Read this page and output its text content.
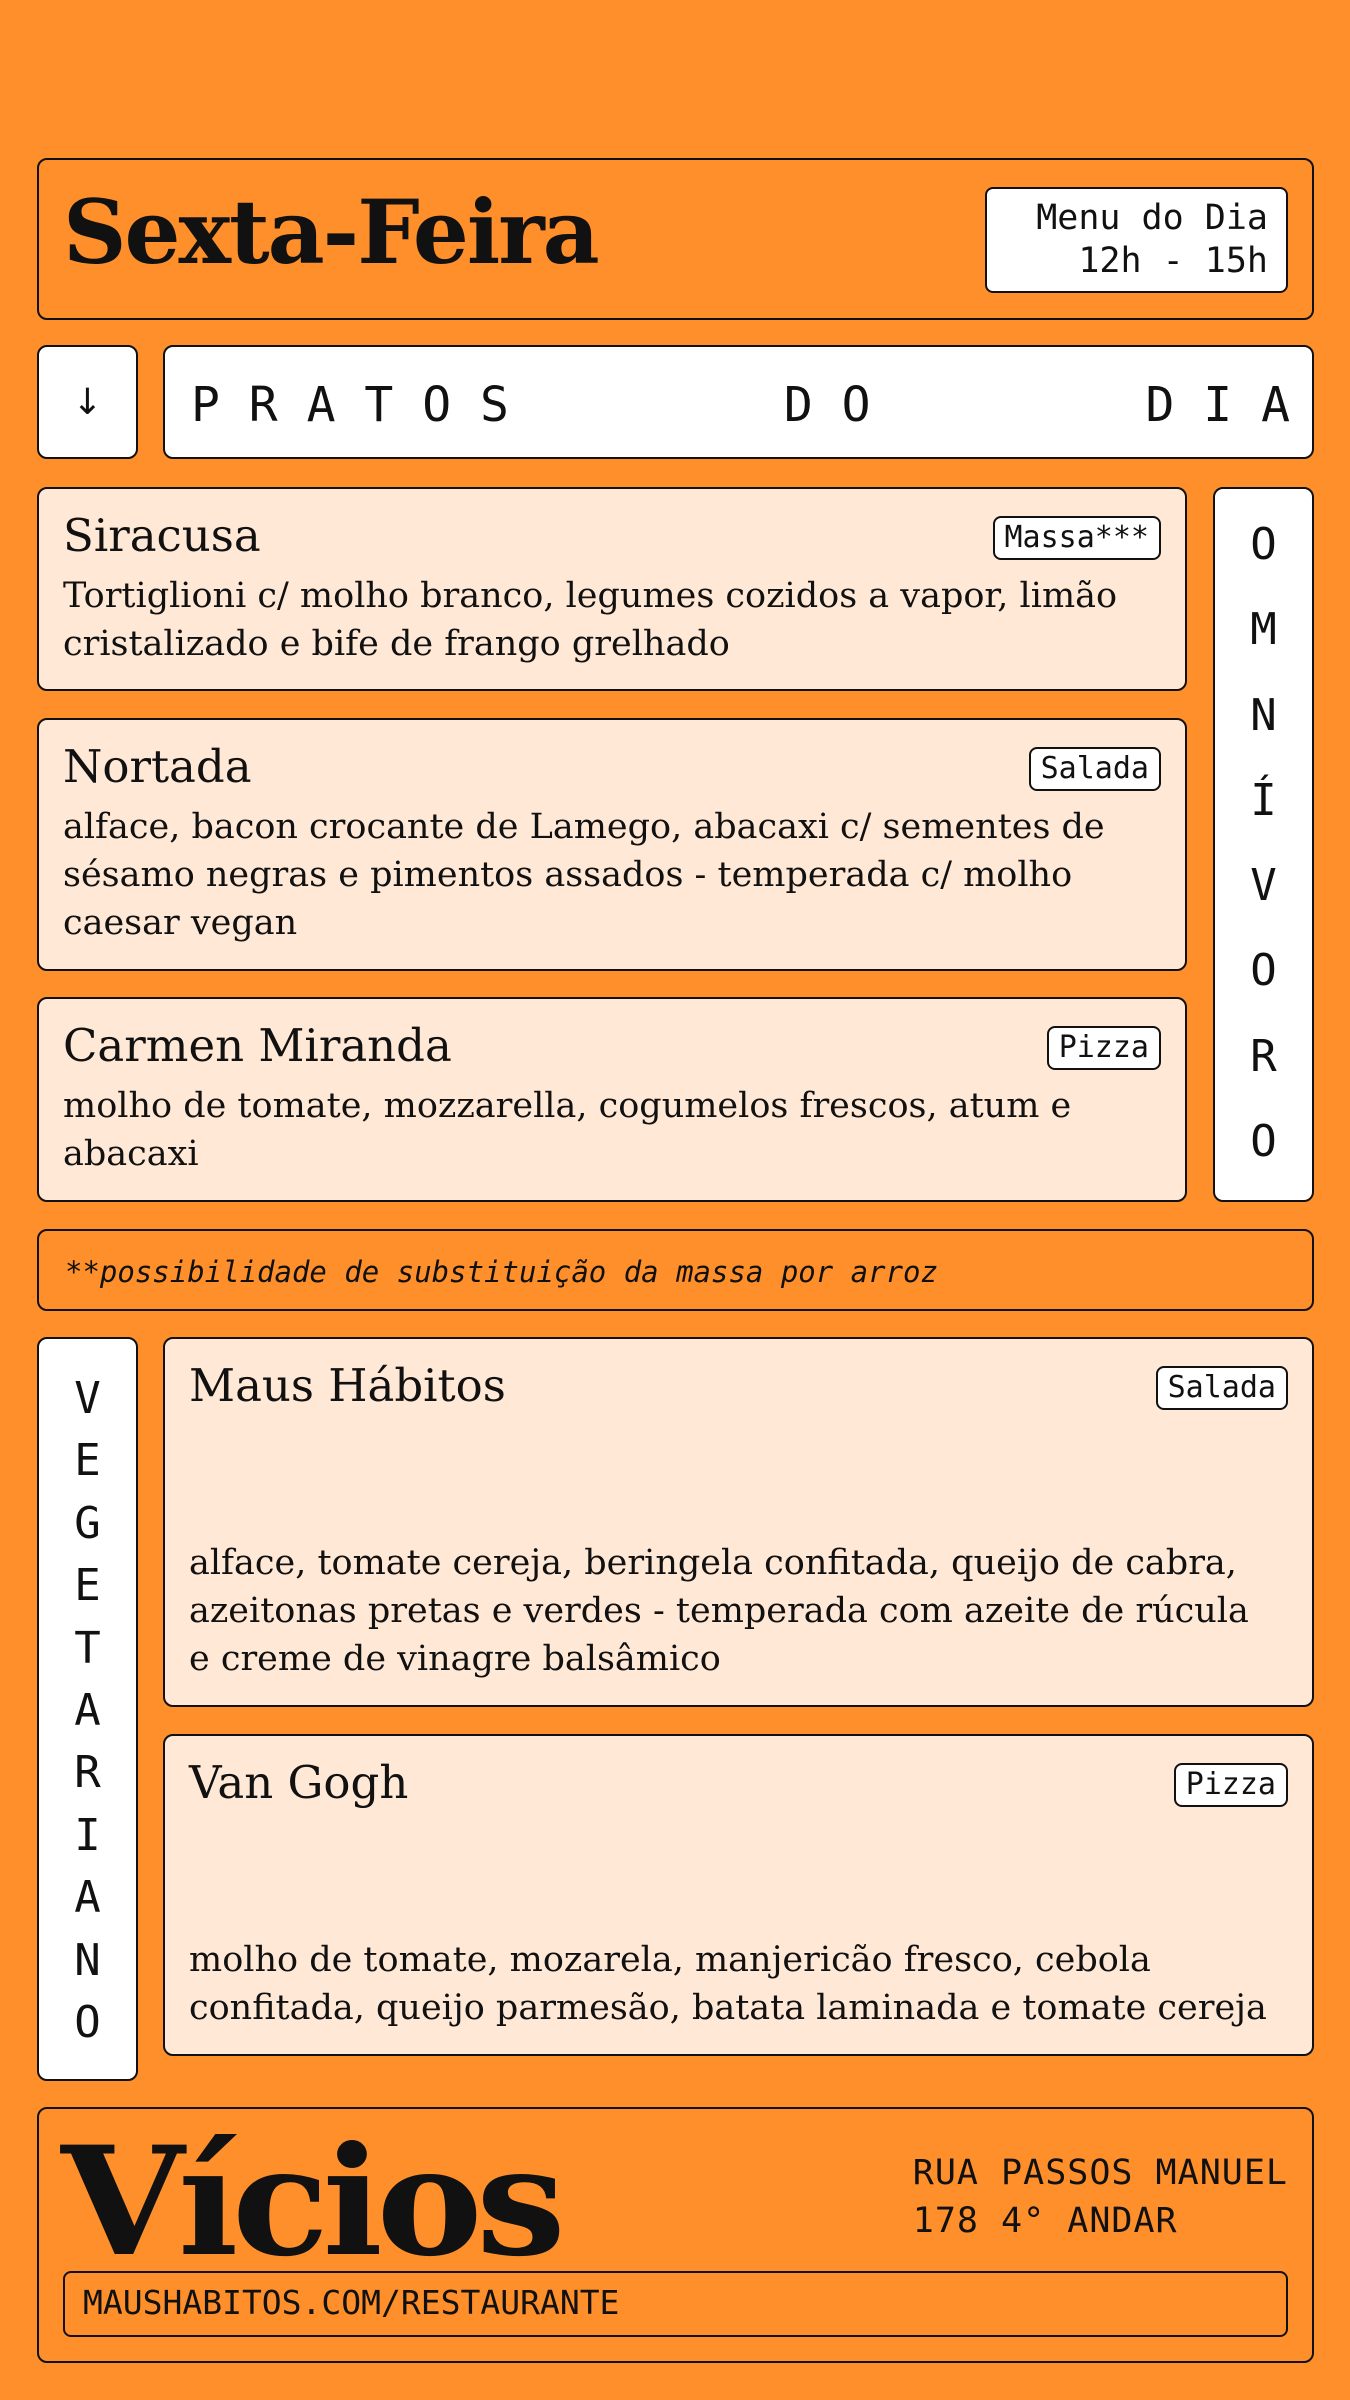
Sexta-Feira	Menu do Dia
12h - 15h
↓	P R A T O S	D O	D I A
Siracusa	Massa***
Tortiglioni c/ molho branco, legumes cozidos a vapor, limão
cristalizado e bife de frango grelhado
Nortada	Salada
alface, bacon crocante de Lamego, abacaxi c/ sementes de
sésamo negras e pimentos assados - temperada c/ molho
caesar vegan
Carmen Miranda	Pizza
molho de tomate, mozzarella, cogumelos frescos, atum e
abacaxi
O
M
N
Í
V
O
R
O
**possibilidade de substituição da massa por arroz
V
E
G
E
T
A
R
I
A
N
O
Maus Hábitos	Salada
alface, tomate cereja, beringela confitada, queijo de cabra,
azeitonas pretas e verdes - temperada com azeite de rúcula
e creme de vinagre balsâmico
Van Gogh	Pizza
molho de tomate, mozarela, manjericão fresco, cebola
confitada, queijo parmesão, batata laminada e tomate cereja
Vícios	RUA PASSOS MANUEL
178 4° ANDAR
MAUSHABITOS.COM/RESTAURANTE
